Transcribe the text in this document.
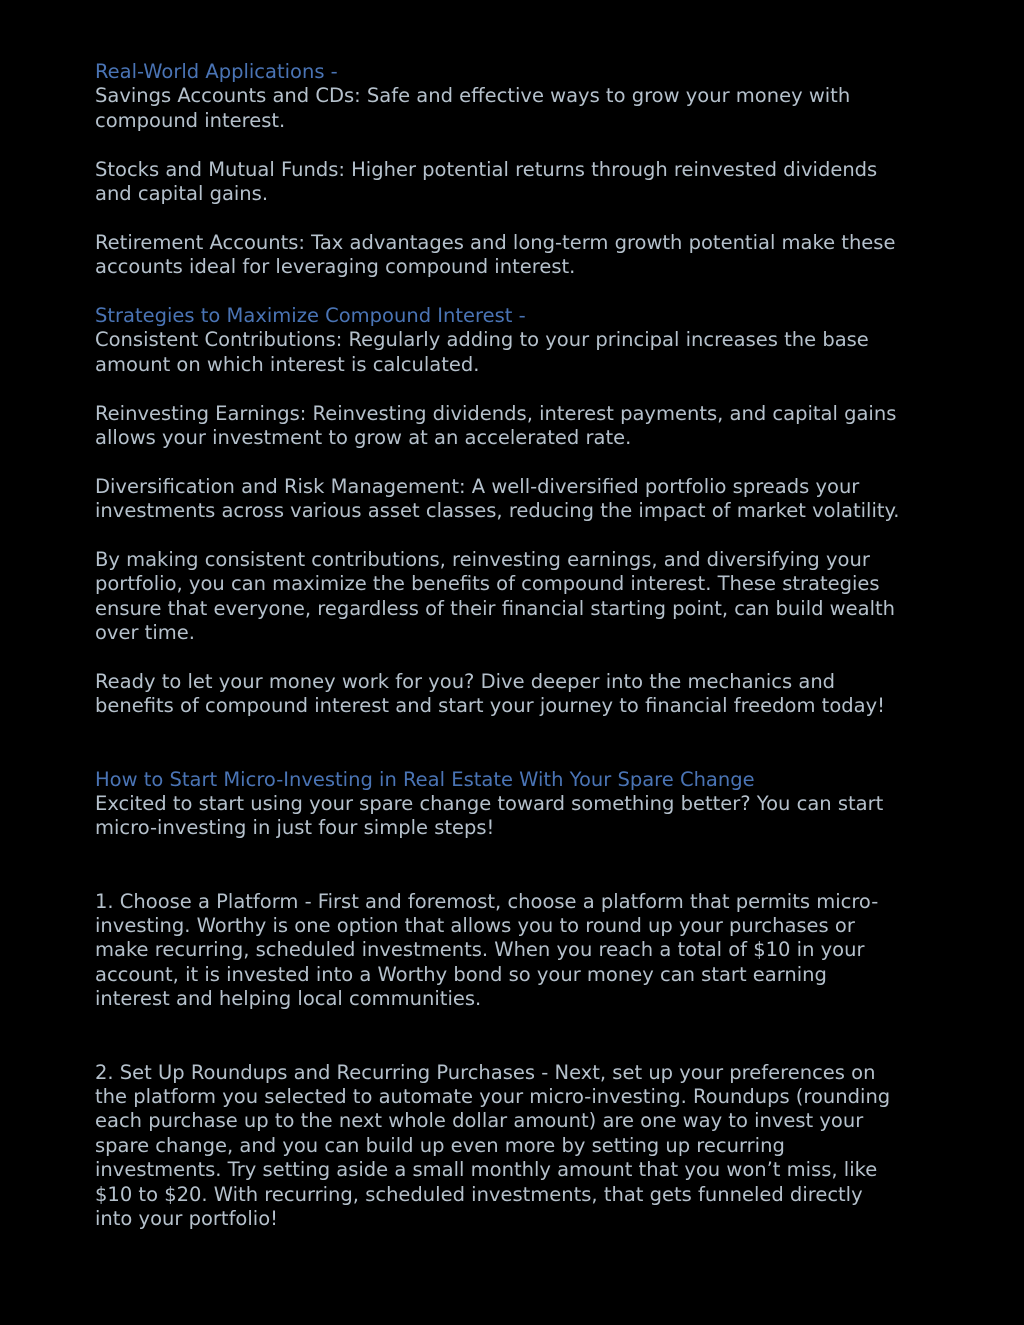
Real-World Applications -
Savings Accounts and CDs: Safe and effective ways to grow your money with
compound interest.
Stocks and Mutual Funds: Higher potential returns through reinvested dividends
and capital gains.
Retirement Accounts: Tax advantages and long-term growth potential make these
accounts ideal for leveraging compound interest.
Strategies to Maximize Compound Interest -
Consistent Contributions: Regularly adding to your principal increases the base
amount on which interest is calculated.
Reinvesting Earnings: Reinvesting dividends, interest payments, and capital gains
allows your investment to grow at an accelerated rate.
Diversification and Risk Management: A well-diversified portfolio spreads your
investments across various asset classes, reducing the impact of market volatility.
By making consistent contributions, reinvesting earnings, and diversifying your
portfolio, you can maximize the benefits of compound interest. These strategies
ensure that everyone, regardless of their financial starting point, can build wealth
over time.
Ready to let your money work for you? Dive deeper into the mechanics and
benefits of compound interest and start your journey to financial freedom today!
How to Start Micro-Investing in Real Estate With Your Spare Change
Excited to start using your spare change toward something better? You can start
micro-investing in just four simple steps!
1. Choose a Platform - First and foremost, choose a platform that permits micro-
investing. Worthy is one option that allows you to round up your purchases or
make recurring, scheduled investments. When you reach a total of $10 in your
account, it is invested into a Worthy bond so your money can start earning
interest and helping local communities.
2. Set Up Roundups and Recurring Purchases - Next, set up your preferences on
the platform you selected to automate your micro-investing. Roundups (rounding
each purchase up to the next whole dollar amount) are one way to invest your
spare change, and you can build up even more by setting up recurring
investments. Try setting aside a small monthly amount that you won’t miss, like
$10 to $20. With recurring, scheduled investments, that gets funneled directly
into your portfolio!
